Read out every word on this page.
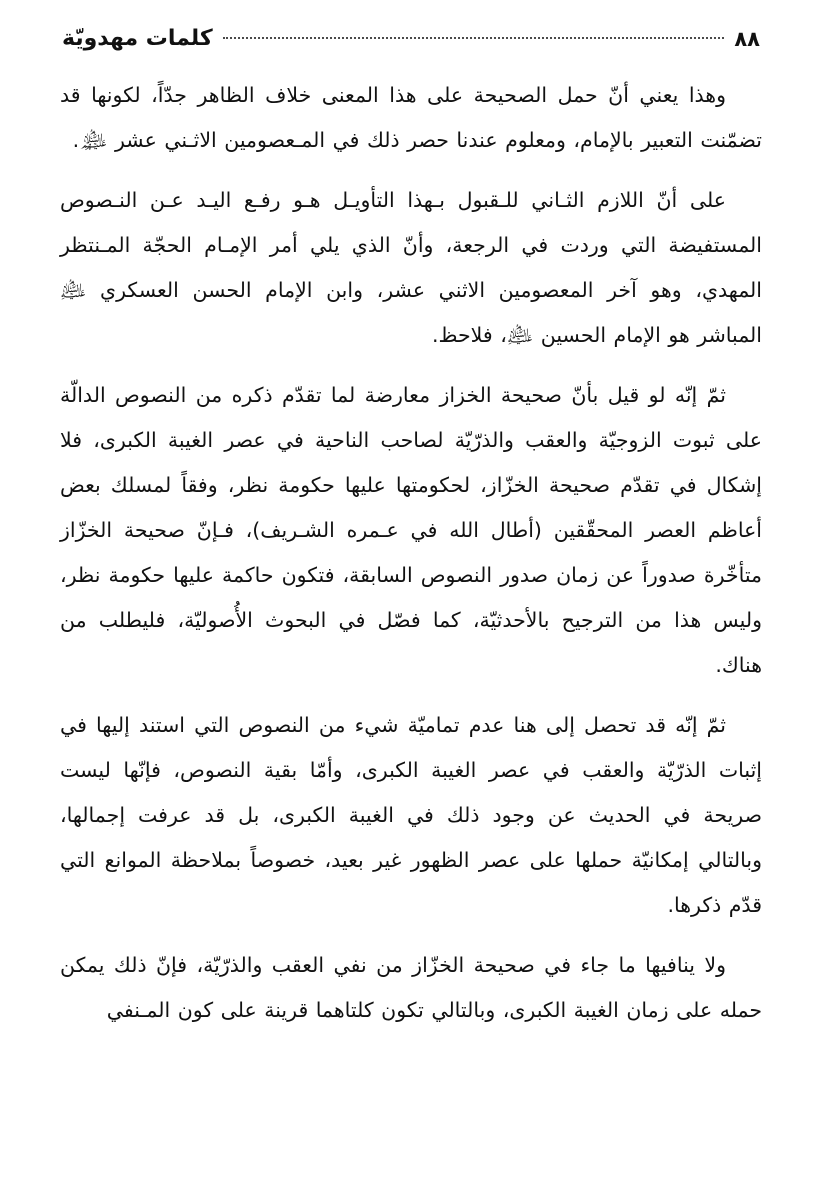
٨٨
كلمات مهدويّة

وهذا يعني أنّ حمل الصحيحة على هذا المعنى خلاف الظاهر جدّاً، لكونها قد تضمّنت التعبير بالإمام، ومعلوم عندنا حصر ذلك في المـعصومين الاثـني عشر ﵈.

على أنّ اللازم الثـاني للـقبول بـهذا التأويـل هـو رفـع اليـد عـن النـصوص المستفيضة التي وردت في الرجعة، وأنّ الذي يلي أمر الإمـام الحجّة المـنتظر المهدي، وهو آخر المعصومين الاثني عشر، وابن الإمام الحسن العسكري ﵇ المباشر هو الإمام الحسين ﵇، فلاحظ.

ثمّ إنّه لو قيل بأنّ صحيحة الخزاز معارضة لما تقدّم ذكره من النصوص الدالّة على ثبوت الزوجيّة والعقب والذرّيّة لصاحب الناحية في عصر الغيبة الكبرى، فلا إشكال في تقدّم صحيحة الخزّاز، لحكومتها عليها حكومة نظر، وفقاً لمسلك بعض أعاظم العصر المحقّقين (أطال الله في عـمره الشـريف)، فـإنّ صحيحة الخزّاز متأخّرة صدوراً عن زمان صدور النصوص السابقة، فتكون حاكمة عليها حكومة نظر، وليس هذا من الترجيح بالأحدثيّة، كما فصّل في البحوث الأُصوليّة، فليطلب من هناك.

ثمّ إنّه قد تحصل إلى هنا عدم تماميّة شيء من النصوص التي استند إليها في إثبات الذرّيّة والعقب في عصر الغيبة الكبرى، وأمّا بقية النصوص، فإنّها ليست صريحة في الحديث عن وجود ذلك في الغيبة الكبرى، بل قد عرفت إجمالها، وبالتالي إمكانيّة حملها على عصر الظهور غير بعيد، خصوصاً بملاحظة الموانع التي قدّم ذكرها.

ولا ينافيها ما جاء في صحيحة الخزّاز من نفي العقب والذرّيّة، فإنّ ذلك يمكن حمله على زمان الغيبة الكبرى، وبالتالي تكون كلتاهما قرينة على كون المـنفي
